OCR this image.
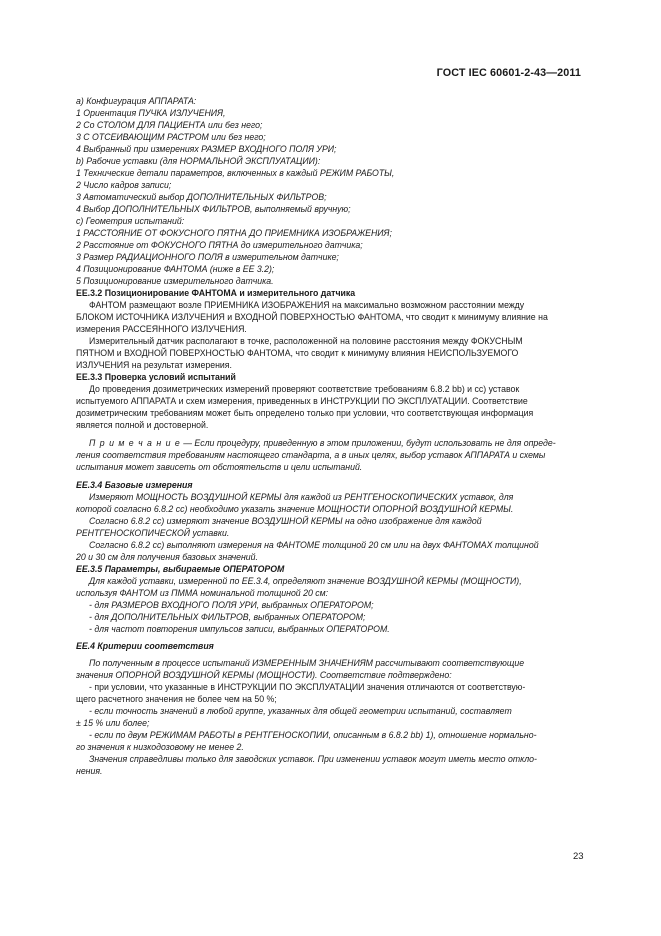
ГОСТ IEC 60601-2-43—2011
а) Конфигурация АППАРАТА:
1 Ориентация ПУЧКА ИЗЛУЧЕНИЯ,
2 Со СТОЛОМ ДЛЯ ПАЦИЕНТА или без него;
3 С ОТСЕИВАЮЩИМ РАСТРОМ или без него;
4 Выбранный при измерениях РАЗМЕР ВХОДНОГО ПОЛЯ УРИ;
b) Рабочие уставки (для НОРМАЛЬНОЙ ЭКСПЛУАТАЦИИ):
1 Технические детали параметров, включенных в каждый РЕЖИМ РАБОТЫ,
2 Число кадров записи;
3 Автоматический выбор ДОПОЛНИТЕЛЬНЫХ ФИЛЬТРОВ;
4 Выбор ДОПОЛНИТЕЛЬНЫХ ФИЛЬТРОВ, выполняемый вручную;
с) Геометрия испытаний:
1 РАССТОЯНИЕ ОТ ФОКУСНОГО ПЯТНА ДО ПРИЕМНИКА ИЗОБРАЖЕНИЯ;
2 Расстояние от ФОКУСНОГО ПЯТНА до измерительного датчика;
3 Размер РАДИАЦИОННОГО ПОЛЯ в измерительном датчике;
4 Позиционирование ФАНТОМА (ниже в ЕЕ 3.2);
5 Позиционирование измерительного датчика.
ЕЕ.3.2 Позиционирование ФАНТОМА и измерительного датчика
ФАНТОМ размещают возле ПРИЕМНИКА ИЗОБРАЖЕНИЯ на максимально возможном расстоянии между
БЛОКОМ ИСТОЧНИКА ИЗЛУЧЕНИЯ и ВХОДНОЙ ПОВЕРХНОСТЬЮ ФАНТОМА, что сводит к минимуму влияние на
измерения РАССЕЯННОГО ИЗЛУЧЕНИЯ.
Измерительный датчик располагают в точке, расположенной на половине расстояния между ФОКУСНЫМ
ПЯТНОМ и ВХОДНОЙ ПОВЕРХНОСТЬЮ ФАНТОМА, что сводит к минимуму влияния НЕИСПОЛЬЗУЕМОГО
ИЗЛУЧЕНИЯ на результат измерения.
ЕЕ.3.3 Проверка условий испытаний
До проведения дозиметрических измерений проверяют соответствие требованиям 6.8.2 bb) и cc) уставок
испытуемого АППАРАТА и схем измерения, приведенных в ИНСТРУКЦИИ ПО ЭКСПЛУАТАЦИИ. Соответствие
дозиметрическим требованиям может быть определено только при условии, что соответствующая информация
является полной и достоверной.
П р и м е ч а н и е — Если процедуру, приведенную в этом приложении, будут использовать не для опреде-
ления соответствия требованиям настоящего стандарта, а в иных целях, выбор уставок АППАРАТА и схемы
испытания может зависеть от обстоятельств и цели испытаний.
ЕЕ.3.4 Базовые измерения
Измеряют МОЩНОСТЬ ВОЗДУШНОЙ КЕРМЫ для каждой из РЕНТГЕНОСКОПИЧЕСКИХ уставок, для
которой согласно 6.8.2 cc) необходимо указать значение МОЩНОСТИ ОПОРНОЙ ВОЗДУШНОЙ КЕРМЫ.
Согласно 6.8.2 cc) измеряют значение ВОЗДУШНОЙ КЕРМЫ на одно изображение для каждой
РЕНТГЕНОСКОПИЧЕСКОЙ уставки.
Согласно 6.8.2 cc) выполняют измерения на ФАНТОМЕ толщиной 20 см или на двух ФАНТОМАХ толщиной
20 и 30 см для получения базовых значений.
ЕЕ.3.5 Параметры, выбираемые ОПЕРАТОРОМ
Для каждой уставки, измеренной по ЕЕ.3.4, определяют значение ВОЗДУШНОЙ КЕРМЫ (МОЩНОСТИ),
используя ФАНТОМ из ПММА номинальной толщиной 20 см:
- для РАЗМЕРОВ ВХОДНОГО ПОЛЯ УРИ, выбранных ОПЕРАТОРОМ;
- для ДОПОЛНИТЕЛЬНЫХ ФИЛЬТРОВ, выбранных ОПЕРАТОРОМ;
- для частот повторения импульсов записи, выбранных ОПЕРАТОРОМ.
ЕЕ.4 Критерии соответствия
По полученным в процессе испытаний ИЗМЕРЕННЫМ ЗНАЧЕНИЯМ рассчитывают соответствующие
значения ОПОРНОЙ ВОЗДУШНОЙ КЕРМЫ (МОЩНОСТИ). Соответствие подтверждено:
- при условии, что указанные в ИНСТРУКЦИИ ПО ЭКСПЛУАТАЦИИ значения отличаются от соответствую-
щего расчетного значения не более чем на 50 %;
- если точность значений в любой группе, указанных для общей геометрии испытаний, составляет
± 15 % или более;
- если по двум РЕЖИМАМ РАБОТЫ в РЕНТГЕНОСКОПИИ, описанным в 6.8.2 bb) 1), отношение нормально-
го значения к низкодозовому не менее 2.
Значения справедливы только для заводских уставок. При изменении уставок могут иметь место откло-
нения.
23
